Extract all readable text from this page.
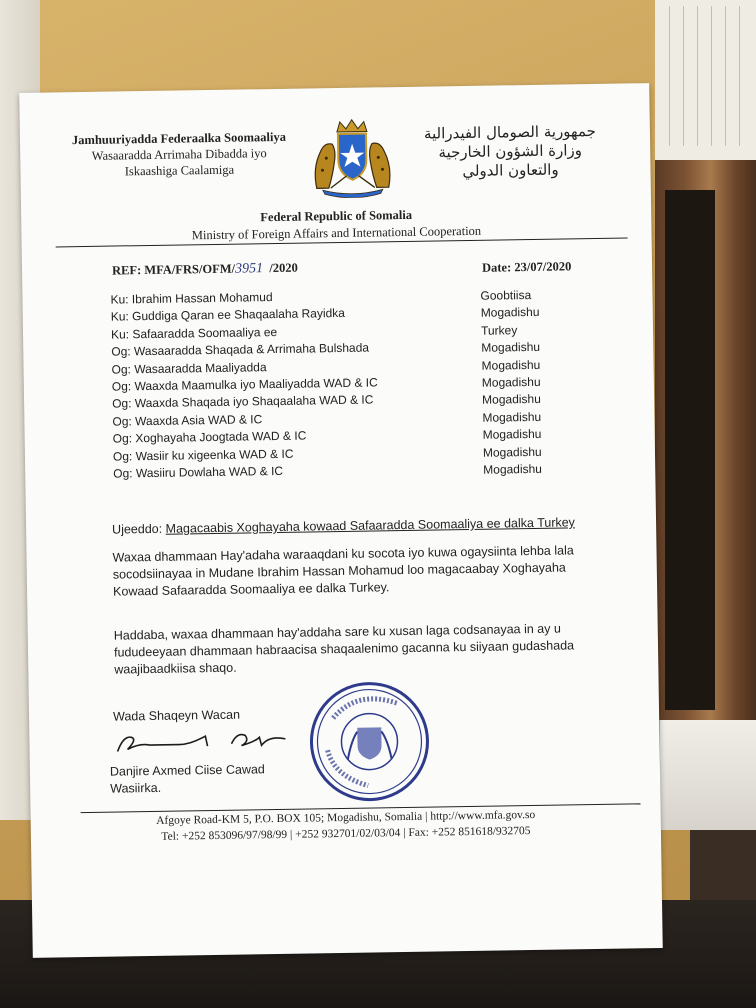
Jamhuuriyadda Federaalka Soomaaliya
Wasaaradda Arrimaha Dibadda iyo
Iskaashiga Caalamiga
جمهورية الصومال الفيدرالية
وزارة الشؤون الخارجية
والتعاون الدولي
Federal Republic of Somalia
Ministry of Foreign Affairs and International Cooperation
REF: MFA/FRS/OFM/3951 /2020	Date: 23/07/2020
Ku: Ibrahim Hassan Mohamud	Goobtiisa
Ku: Guddiga Qaran ee Shaqaalaha Rayidka	Mogadishu
Ku: Safaaradda Soomaaliya ee	Turkey
Og: Wasaaradda Shaqada & Arrimaha Bulshada	Mogadishu
Og: Wasaaradda Maaliyadda	Mogadishu
Og: Waaxda Maamulka iyo Maaliyadda WAD & IC	Mogadishu
Og: Waaxda Shaqada iyo Shaqaalaha WAD & IC	Mogadishu
Og: Waaxda Asia WAD & IC	Mogadishu
Og: Xoghayaha Joogtada WAD & IC	Mogadishu
Og: Wasiir ku xigeenka WAD & IC	Mogadishu
Og: Wasiiru Dowlaha WAD & IC	Mogadishu
Ujeeddo: Magacaabis Xoghayaha kowaad Safaaradda Soomaaliya ee dalka Turkey
Waxaa dhammaan Hay'adaha waraaqdani ku socota iyo kuwa ogaysiinta lehba lala socodsiinayaa in Mudane Ibrahim Hassan Mohamud loo magacaabay Xoghayaha Kowaad Safaaradda Soomaaliya ee dalka Turkey.
Haddaba, waxaa dhammaan hay'addaha sare ku xusan laga codsanayaa in ay u fududeeyaan dhammaan habraacisa shaqaalenimo gacanna ku siiyaan gudashada waajibaadkiisa shaqo.
Wada Shaqeyn Wacan
Danjire Axmed Ciise Cawad
Wasiirka.
Afgoye Road-KM 5, P.O. BOX 105; Mogadishu, Somalia | http://www.mfa.gov.so
Tel: +252 853096/97/98/99 | +252 932701/02/03/04 | Fax: +252 851618/932705
